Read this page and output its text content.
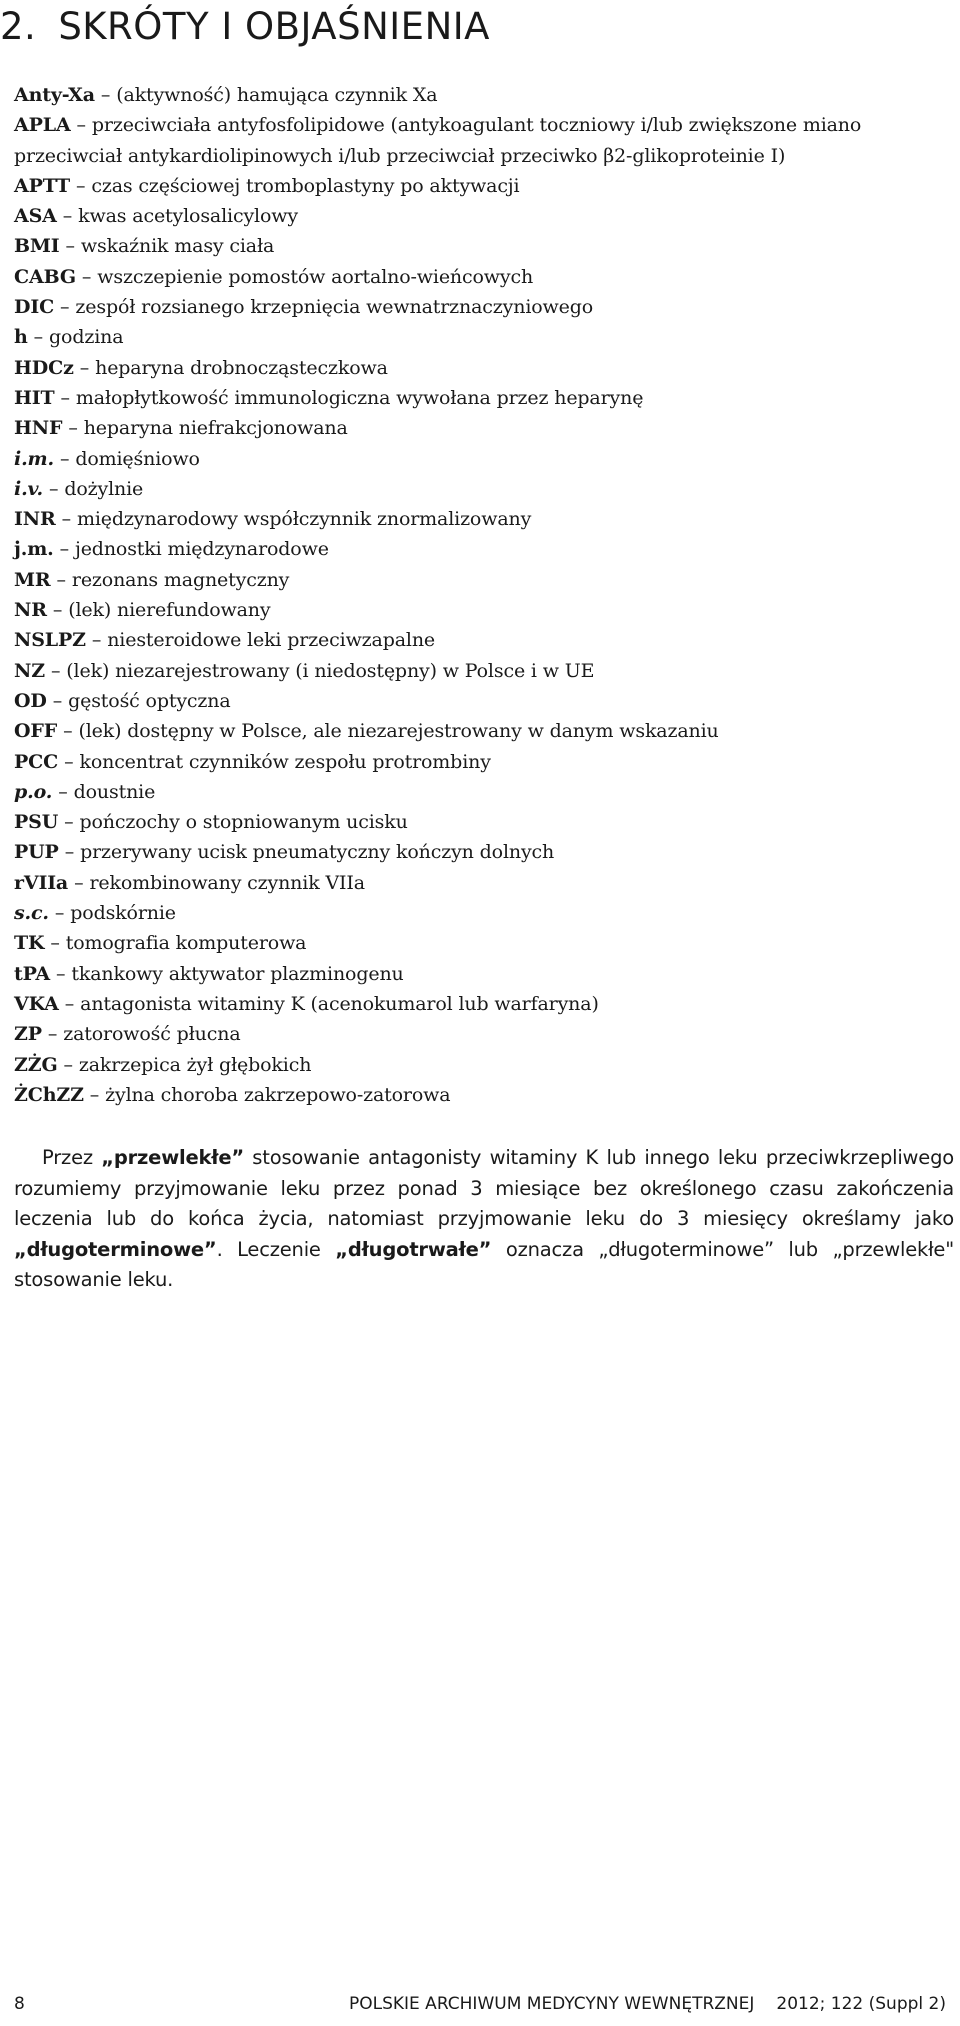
2. SKRÓTY I OBJAŚNIENIA
Anty-Xa – (aktywność) hamująca czynnik Xa
APLA – przeciwciała antyfosfolipidowe (antykoagulant toczniowy i/lub zwiększone miano przeciwciał antykardiolipinowych i/lub przeciwciał przeciwko β2-glikoproteinie I)
APTT – czas częściowej tromboplastyny po aktywacji
ASA – kwas acetylosalicylowy
BMI – wskaźnik masy ciała
CABG – wszczepienie pomostów aortalno-wieńcowych
DIC – zespół rozsianego krzepnięcia wewnatrznaczyniowego
h – godzina
HDCz – heparyna drobnocząsteczkowa
HIT – małopłytkowość immunologiczna wywołana przez heparynę
HNF – heparyna niefrakcjonowana
i.m. – domięśniowo
i.v. – dożylnie
INR – międzynarodowy współczynnik znormalizowany
j.m. – jednostki międzynarodowe
MR – rezonans magnetyczny
NR – (lek) nierefundowany
NSLPZ – niesteroidowe leki przeciwzapalne
NZ – (lek) niezarejestrowany (i niedostępny) w Polsce i w UE
OD – gęstość optyczna
OFF – (lek) dostępny w Polsce, ale niezarejestrowany w danym wskazaniu
PCC – koncentrat czynników zespołu protrombiny
p.o. – doustnie
PSU – pończochy o stopniowanym ucisku
PUP – przerywany ucisk pneumatyczny kończyn dolnych
rVIIa – rekombinowany czynnik VIIa
s.c. – podskórnie
TK – tomografia komputerowa
tPA – tkankowy aktywator plazminogenu
VKA – antagonista witaminy K (acenokumarol lub warfaryna)
ZP – zatorowość płucna
ZŻG – zakrzepica żył głębokich
ŻChZZ – żylna choroba zakrzepowo-zatorowa

Przez „przewlekłe” stosowanie antagonisty witaminy K lub innego leku przeciwkrzepliwego rozumiemy przyjmowanie leku przez ponad 3 miesiące bez określonego czasu zakończenia leczenia lub do końca życia, natomiast przyjmowanie leku do 3 miesięcy określamy jako „długoterminowe”. Leczenie „długotrwałe” oznacza „długoterminowe” lub „przewlekłe" stosowanie leku.

8	POLSKIE ARCHIWUM MEDYCYNY WEWNĘTRZNEJ 2012; 122 (Suppl 2)
